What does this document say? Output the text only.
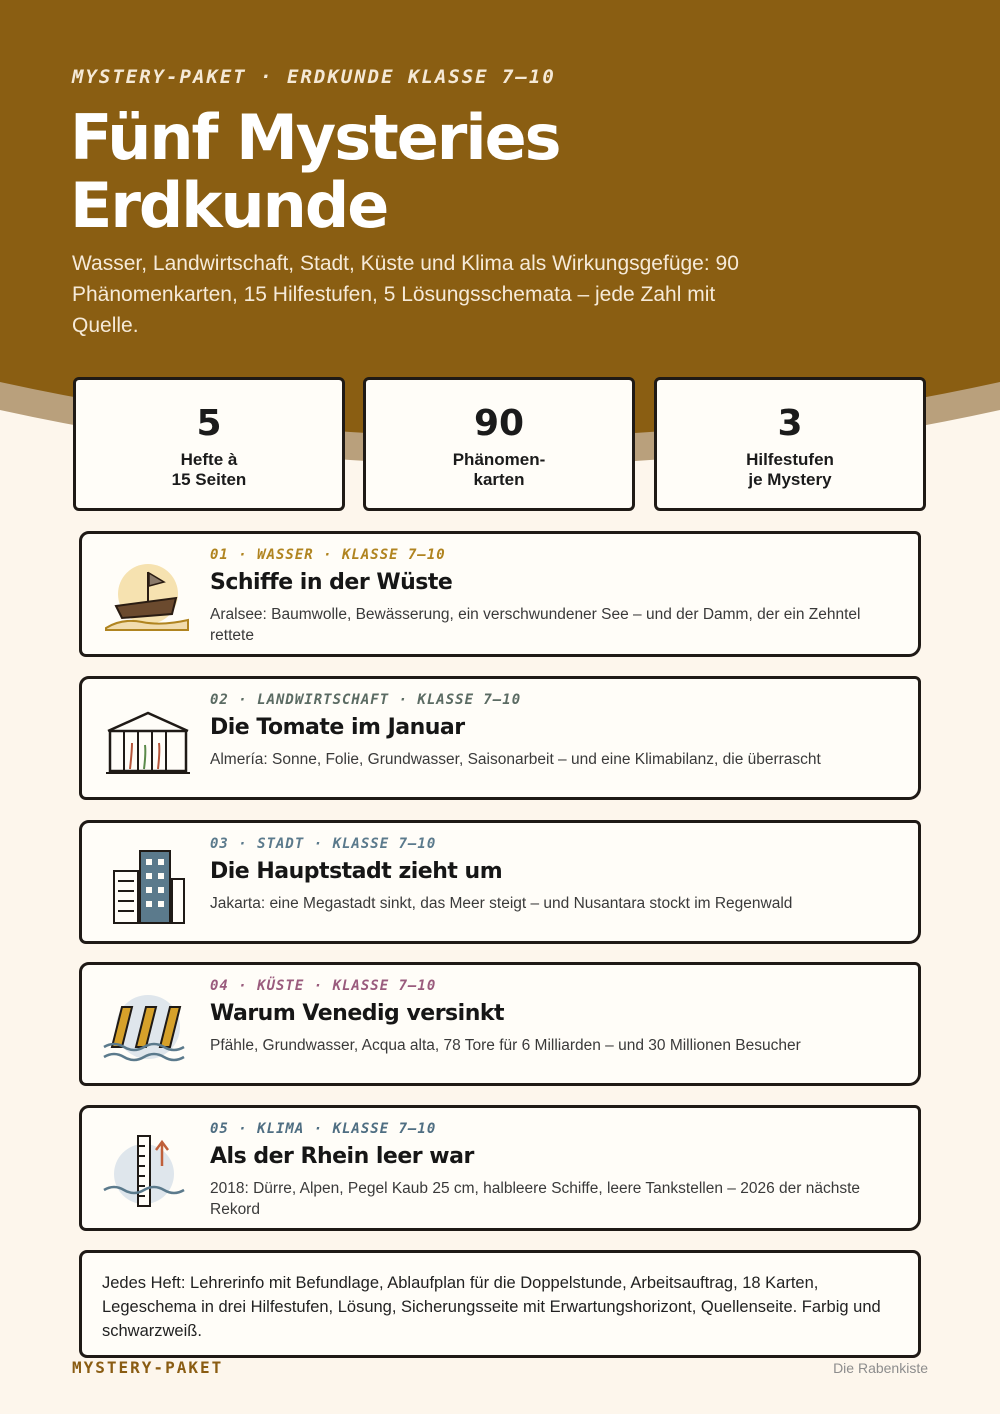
MYSTERY-PAKET · ERDKUNDE KLASSE 7–10
Fünf Mysteries
Erdkunde
Wasser, Landwirtschaft, Stadt, Küste und Klima als Wirkungsgefüge: 90 Phänomenkarten, 15 Hilfestufen, 5 Lösungsschemata – jede Zahl mit Quelle.
5
Hefte à
15 Seiten
90
Phänomen-
karten
3
Hilfestufen
je Mystery
01 · WASSER · KLASSE 7–10
Schiffe in der Wüste
Aralsee: Baumwolle, Bewässerung, ein verschwundener See – und der Damm, der ein Zehntel rettete
02 · LANDWIRTSCHAFT · KLASSE 7–10
Die Tomate im Januar
Almería: Sonne, Folie, Grundwasser, Saisonarbeit – und eine Klimabilanz, die überrascht
03 · STADT · KLASSE 7–10
Die Hauptstadt zieht um
Jakarta: eine Megastadt sinkt, das Meer steigt – und Nusantara stockt im Regenwald
04 · KÜSTE · KLASSE 7–10
Warum Venedig versinkt
Pfähle, Grundwasser, Acqua alta, 78 Tore für 6 Milliarden – und 30 Millionen Besucher
05 · KLIMA · KLASSE 7–10
Als der Rhein leer war
2018: Dürre, Alpen, Pegel Kaub 25 cm, halbleere Schiffe, leere Tankstellen – 2026 der nächste Rekord
Jedes Heft: Lehrerinfo mit Befundlage, Ablaufplan für die Doppelstunde, Arbeitsauftrag, 18 Karten, Legeschema in drei Hilfestufen, Lösung, Sicherungsseite mit Erwartungshorizont, Quellenseite. Farbig und schwarzweiß.
MYSTERY-PAKET	Die Rabenkiste
